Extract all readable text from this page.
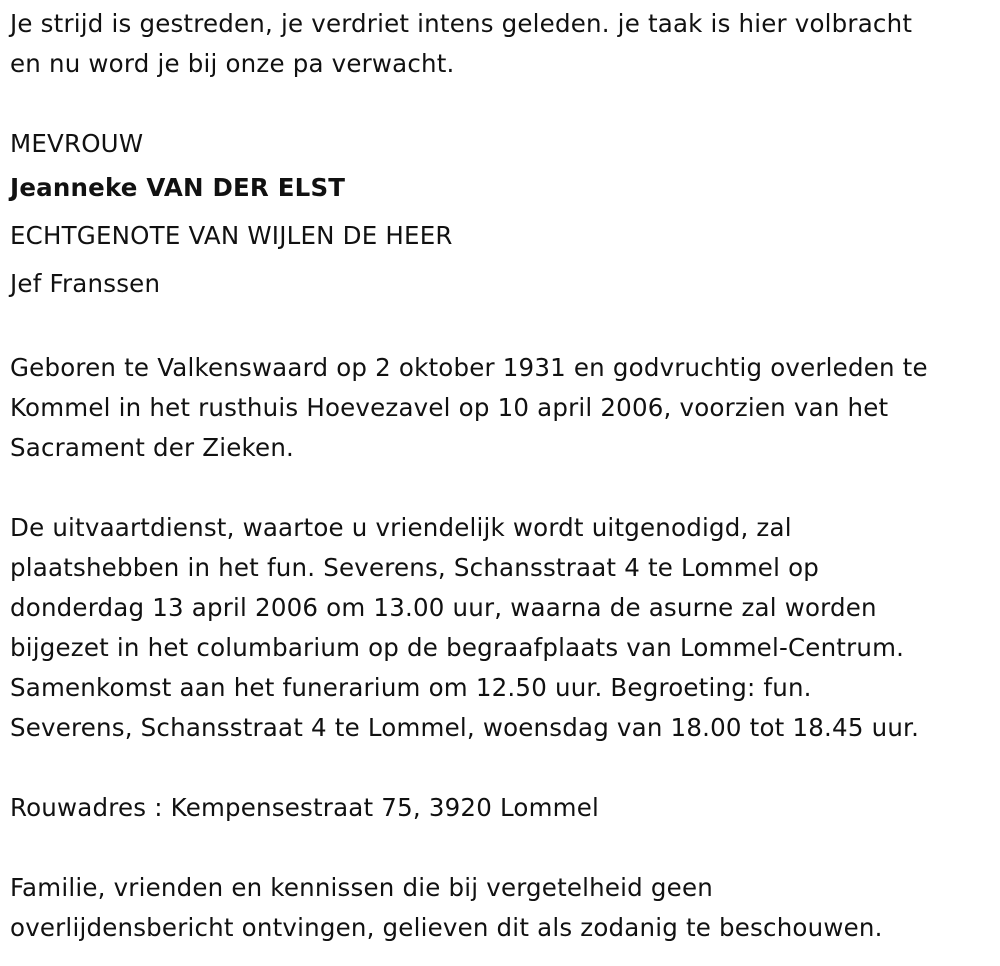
Je strijd is gestreden, je verdriet intens geleden. je taak is hier volbracht
en nu word je bij onze pa verwacht.
MEVROUW
Jeanneke VAN DER ELST
ECHTGENOTE VAN WIJLEN DE HEER
Jef Franssen
Geboren te Valkenswaard op 2 oktober 1931 en godvruchtig overleden te
Kommel in het rusthuis Hoevezavel op 10 april 2006, voorzien van het
Sacrament der Zieken.
De uitvaartdienst, waartoe u vriendelijk wordt uitgenodigd, zal
plaatshebben in het fun. Severens, Schansstraat 4 te Lommel op
donderdag 13 april 2006 om 13.00 uur, waarna de asurne zal worden
bijgezet in het columbarium op de begraafplaats van Lommel-Centrum.
Samenkomst aan het funerarium om 12.50 uur. Begroeting: fun.
Severens, Schansstraat 4 te Lommel, woensdag van 18.00 tot 18.45 uur.
Rouwadres : Kempensestraat 75, 3920 Lommel
Familie, vrienden en kennissen die bij vergetelheid geen
overlijdensbericht ontvingen, gelieven dit als zodanig te beschouwen.
